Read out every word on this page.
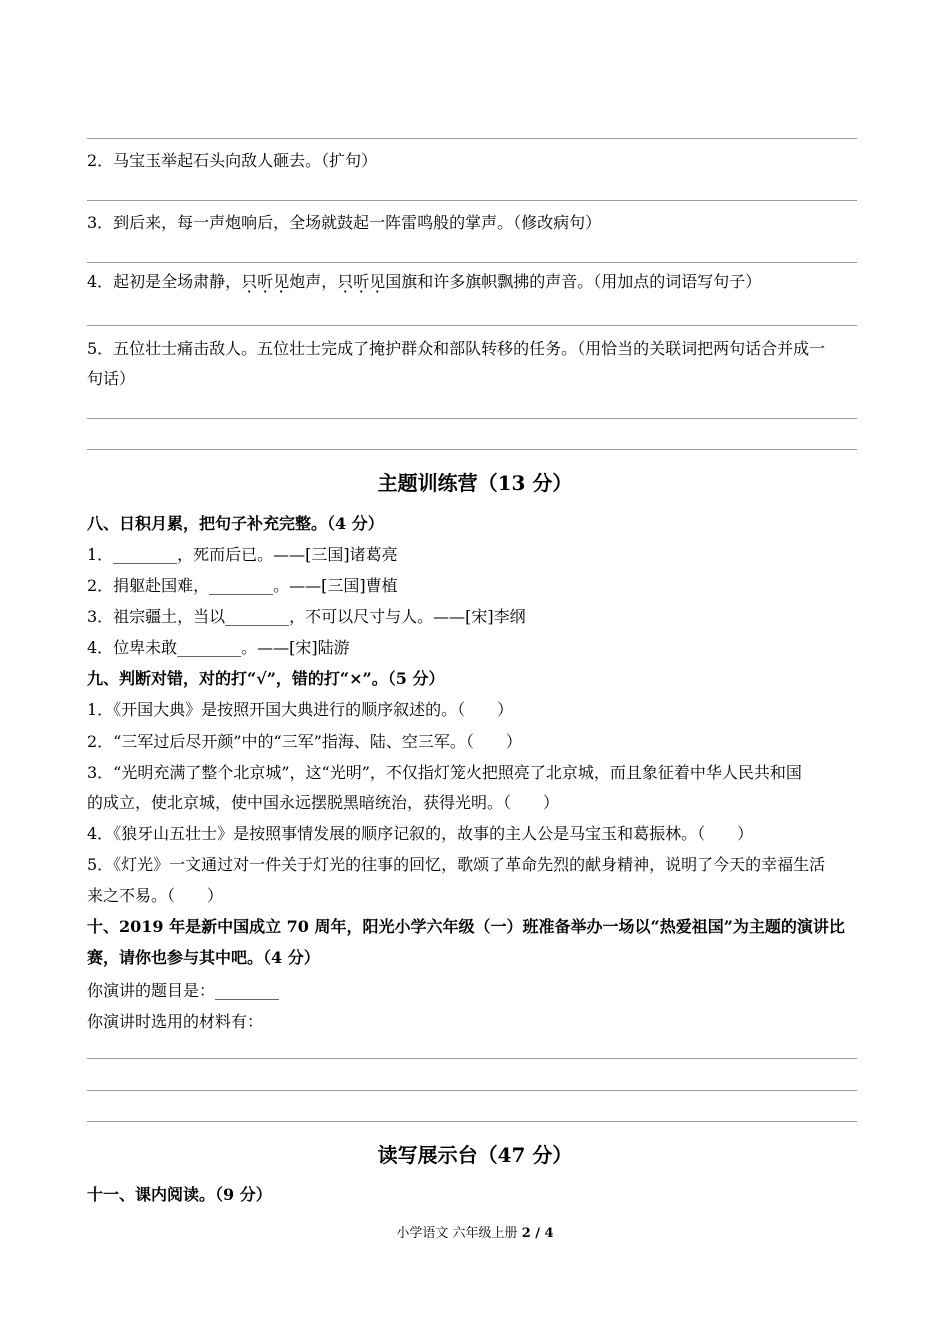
2．马宝玉举起石头向敌人砸去。（扩句）
3．到后来，每一声炮响后，全场就鼓起一阵雷鸣般的掌声。（修改病句）
4．起初是全场肃静，只听见炮声，只听见国旗和许多旗帜飘拂的声音。（用加点的词语写句子）
5．五位壮士痛击敌人。五位壮士完成了掩护群众和部队转移的任务。（用恰当的关联词把两句话合并成一
句话）
主题训练营（13 分）
八、日积月累，把句子补充完整。（4 分）
1．________，死而后已。——[三国]诸葛亮
2．捐躯赴国难，________。——[三国]曹植
3．祖宗疆土，当以________，不可以尺寸与人。——[宋]李纲
4．位卑未敢________。——[宋]陆游
九、判断对错，对的打“√”，错的打“×”。（5 分）
1．《开国大典》是按照开国大典进行的顺序叙述的。（　　）
2．“三军过后尽开颜”中的“三军”指海、陆、空三军。（　　）
3．“光明充满了整个北京城”，这“光明”，不仅指灯笼火把照亮了北京城，而且象征着中华人民共和国
的成立，使北京城，使中国永远摆脱黑暗统治，获得光明。（　　）
4．《狼牙山五壮士》是按照事情发展的顺序记叙的，故事的主人公是马宝玉和葛振林。（　　）
5．《灯光》一文通过对一件关于灯光的往事的回忆，歌颂了革命先烈的献身精神，说明了今天的幸福生活
来之不易。（　　）
十、2019 年是新中国成立 70 周年，阳光小学六年级（一）班准备举办一场以“热爱祖国”为主题的演讲比
赛，请你也参与其中吧。（4 分）
你演讲的题目是：________
你演讲时选用的材料有：
读写展示台（47 分）
十一、课内阅读。（9 分）
小学语文 六年级上册 2 / 4
